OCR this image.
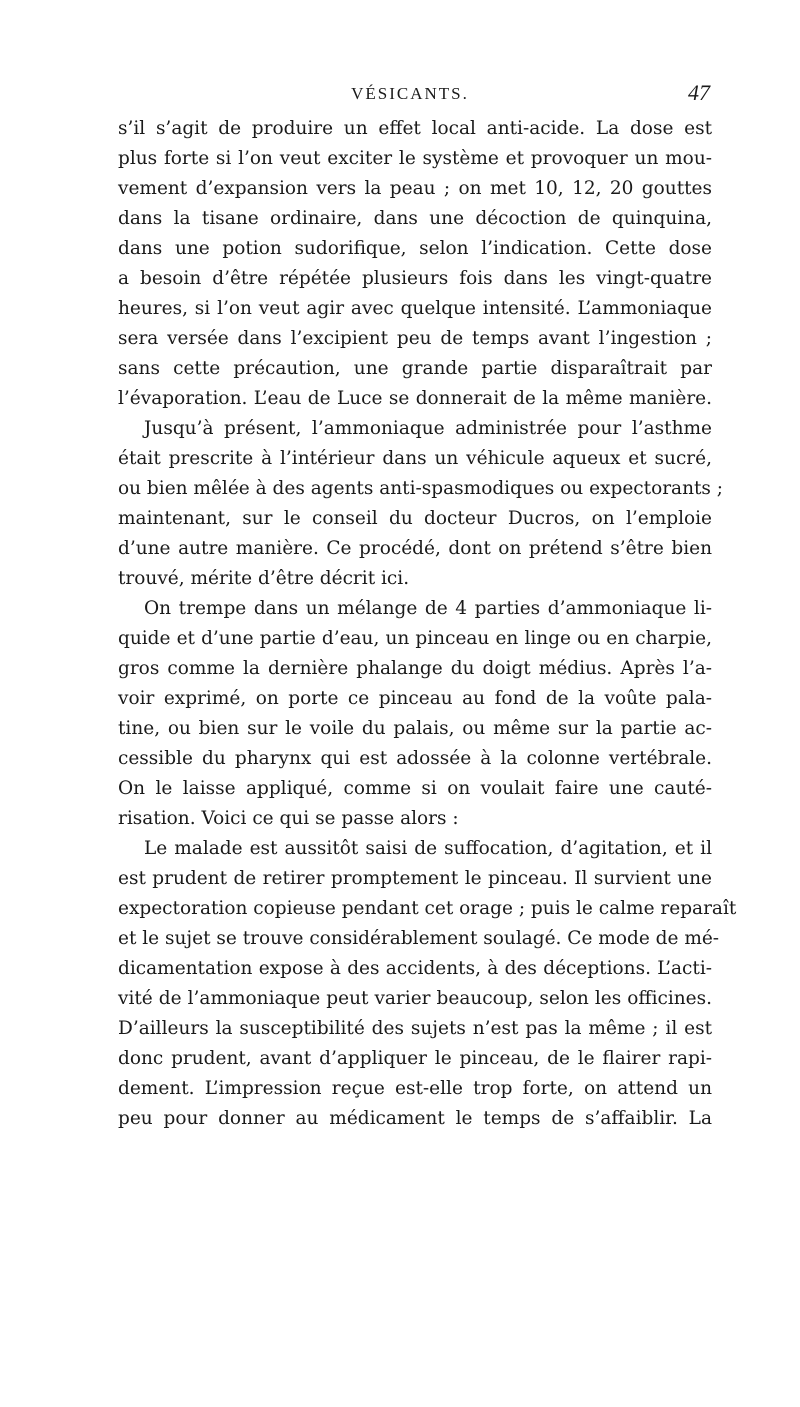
VÉSICANTS.	47
s’il s’agit de produire un effet local anti-acide. La dose est
plus forte si l’on veut exciter le système et provoquer un mou-
vement d’expansion vers la peau ; on met 10, 12, 20 gouttes
dans la tisane ordinaire, dans une décoction de quinquina,
dans une potion sudorifique, selon l’indication. Cette dose
a besoin d’être répétée plusieurs fois dans les vingt-quatre
heures, si l’on veut agir avec quelque intensité. L’ammoniaque
sera versée dans l’excipient peu de temps avant l’ingestion ;
sans cette précaution, une grande partie disparaîtrait par
l’évaporation. L’eau de Luce se donnerait de la même manière.
Jusqu’à présent, l’ammoniaque administrée pour l’asthme
était prescrite à l’intérieur dans un véhicule aqueux et sucré,
ou bien mêlée à des agents anti-spasmodiques ou expectorants ;
maintenant, sur le conseil du docteur Ducros, on l’emploie
d’une autre manière. Ce procédé, dont on prétend s’être bien
trouvé, mérite d’être décrit ici.
On trempe dans un mélange de 4 parties d’ammoniaque li-
quide et d’une partie d’eau, un pinceau en linge ou en charpie,
gros comme la dernière phalange du doigt médius. Après l’a-
voir exprimé, on porte ce pinceau au fond de la voûte pala-
tine, ou bien sur le voile du palais, ou même sur la partie ac-
cessible du pharynx qui est adossée à la colonne vertébrale.
On le laisse appliqué, comme si on voulait faire une cauté-
risation. Voici ce qui se passe alors :
Le malade est aussitôt saisi de suffocation, d’agitation, et il
est prudent de retirer promptement le pinceau. Il survient une
expectoration copieuse pendant cet orage ; puis le calme reparaît
et le sujet se trouve considérablement soulagé. Ce mode de mé-
dicamentation expose à des accidents, à des déceptions. L’acti-
vité de l’ammoniaque peut varier beaucoup, selon les officines.
D’ailleurs la susceptibilité des sujets n’est pas la même ; il est
donc prudent, avant d’appliquer le pinceau, de le flairer rapi-
dement. L’impression reçue est-elle trop forte, on attend un
peu pour donner au médicament le temps de s’affaiblir. La
